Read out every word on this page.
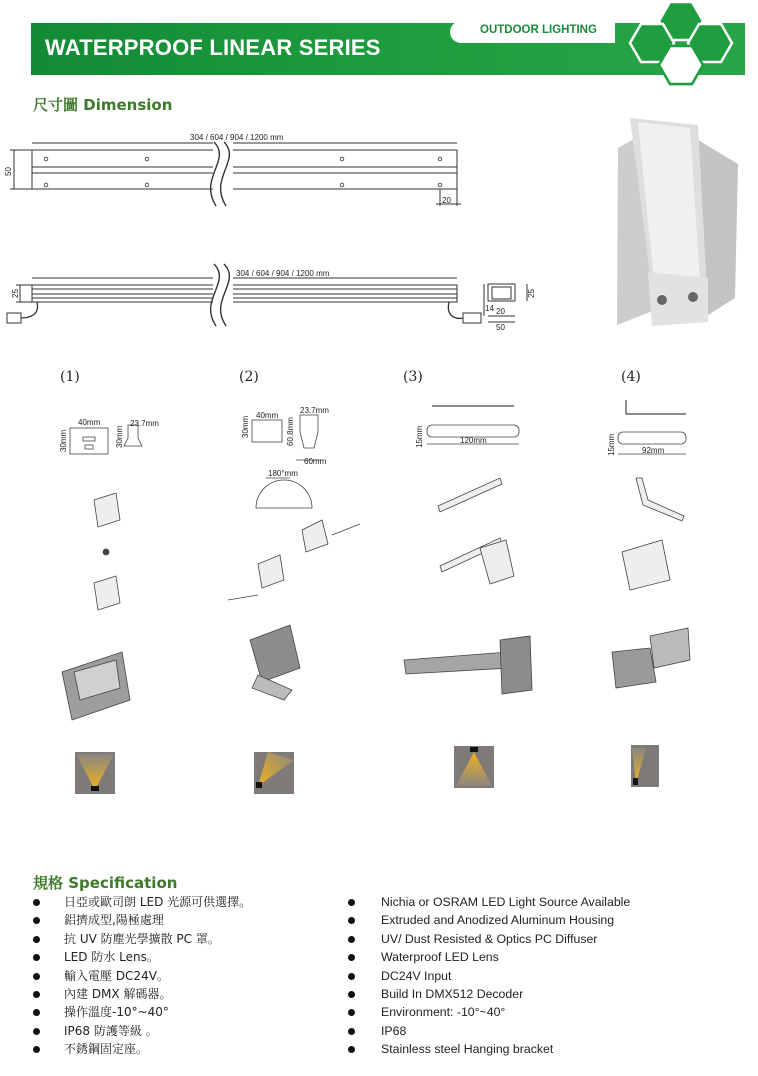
WATERPROOF LINEAR SERIES
OUTDOOR LIGHTING
尺寸圖 Dimension
304 / 604 / 904 / 1200 mm
50
20
304 / 604 / 904 / 1200 mm
25
14 20
50
25
40mm	23.7mm
30mm	30mm
40mm
23.7mm
30mm	60.8mm
60mm
180°mm
15mm	120mm	15mm	92mm
(1)	(2)	(3)	(4)
規格 Specification
日亞或歐司朗 LED 光源可供選擇。
鋁擠成型,陽極處理
抗 UV 防塵光學擴散 PC 罩。
LED 防水 Lens。
輸入電壓 DC24V。
內建 DMX 解碼器。
操作溫度-10°~40°
IP68 防護等級 。
不銹鋼固定座。
Nichia or OSRAM LED Light Source Available
Extruded and Anodized Aluminum Housing
UV/ Dust Resisted & Optics PC Diffuser
Waterproof LED Lens
DC24V Input
Build In DMX512 Decoder
Environment: -10°~40°
IP68
Stainless steel Hanging bracket
